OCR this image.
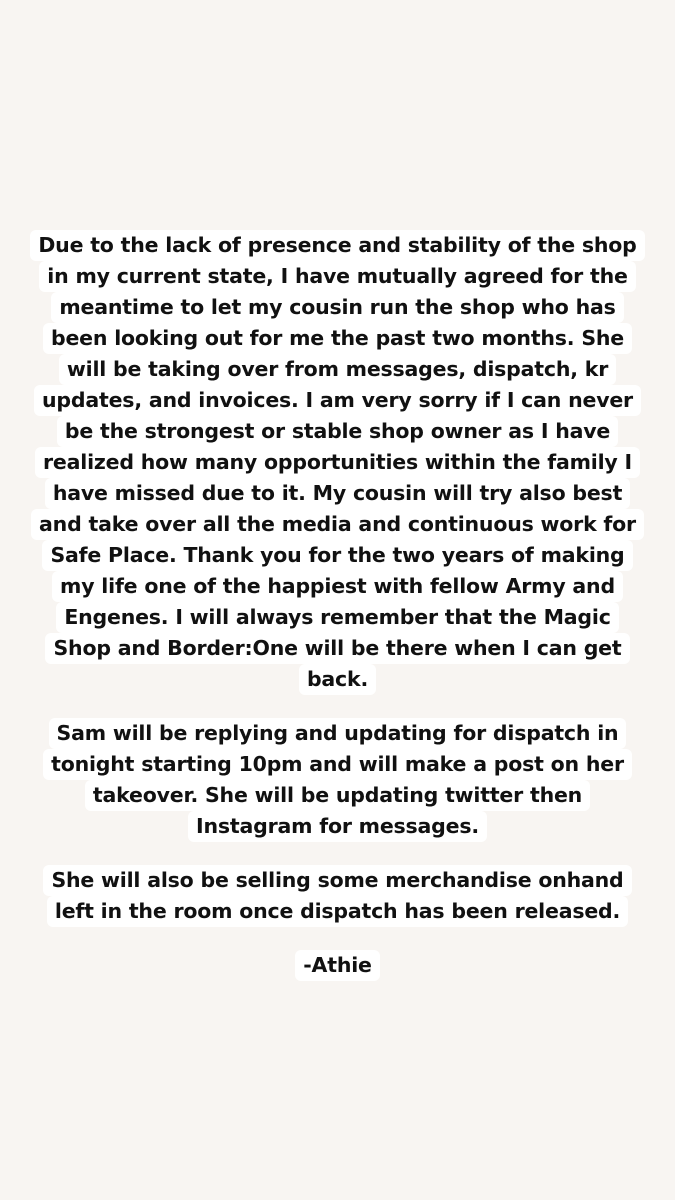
Due to the lack of presence and stability of the shop
in my current state, I have mutually agreed for the
meantime to let my cousin run the shop who has
been looking out for me the past two months. She
will be taking over from messages, dispatch, kr
updates, and invoices. I am very sorry if I can never
be the strongest or stable shop owner as I have
realized how many opportunities within the family I
have missed due to it. My cousin will try also best
and take over all the media and continuous work for
Safe Place. Thank you for the two years of making
my life one of the happiest with fellow Army and
Engenes. I will always remember that the Magic
Shop and Border:One will be there when I can get
back.
Sam will be replying and updating for dispatch in
tonight starting 10pm and will make a post on her
takeover. She will be updating twitter then
Instagram for messages.
She will also be selling some merchandise onhand
left in the room once dispatch has been released.
-Athie
